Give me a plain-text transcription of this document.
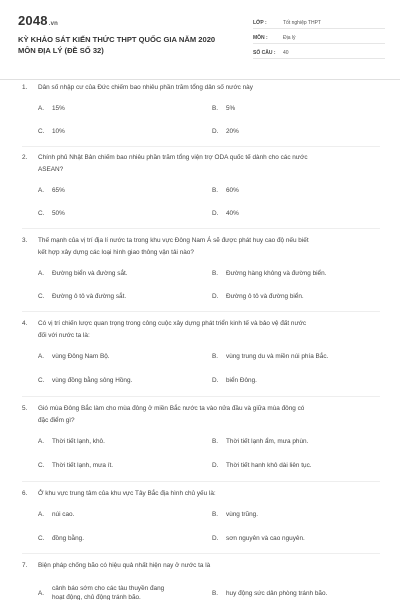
2048.vn
KỲ KHẢO SÁT KIẾN THỨC THPT QUỐC GIA NĂM 2020
MÔN ĐỊA LÝ (ĐỀ SỐ 32)
LỚP :	Tốt nghiệp THPT
MÔN :	Địa lý
SỐ CÂU :	40
1. Dân số nhập cư của Đức chiếm bao nhiêu phần trăm tổng dân số nước này
A. 15%	B. 5%
C. 10%	D. 20%
2. Chính phủ Nhật Bản chiếm bao nhiêu phần trăm tổng viện trợ ODA quốc tế dành cho các nước
ASEAN?
A. 65%	B. 60%
C. 50%	D. 40%
3. Thế mạnh của vị trí địa lí nước ta trong khu vực Đông Nam Á sẽ được phát huy cao độ nếu biết
kết hợp xây dựng các loại hình giao thông vận tải nào?
A. Đường biển và đường sắt.	B. Đường hàng không và đường biển.
C. Đường ô tô và đường sắt.	D. Đường ô tô và đường biển.
4. Có vị trí chiến lược quan trọng trong công cuộc xây dựng phát triển kinh tế và bảo vệ đất nước
đối với nước ta là:
A. vùng Đông Nam Bộ.	B. vùng trung du và miền núi phía Bắc.
C. vùng đồng bằng sông Hồng.	D. biển Đông.
5. Gió mùa Đông Bắc làm cho mùa đông ở miền Bắc nước ta vào nửa đầu và giữa mùa đông có
đặc điểm gì?
A. Thời tiết lạnh, khô.	B. Thời tiết lạnh ẩm, mưa phùn.
C. Thời tiết lạnh, mưa ít.	D. Thời tiết hanh khô dài liên tục.
6. Ở khu vực trung tâm của khu vực Tây Bắc địa hình chủ yếu là:
A. núi cao.	B. vùng trũng.
C. đồng bằng.	D. sơn nguyên và cao nguyên.
7. Biện pháp chống bão có hiệu quả nhất hiện nay ở nước ta là
A.
cảnh báo sớm cho các tàu thuyền đang
hoạt động, chủ động tránh bão.
B. huy động sức dân phòng tránh bão.
